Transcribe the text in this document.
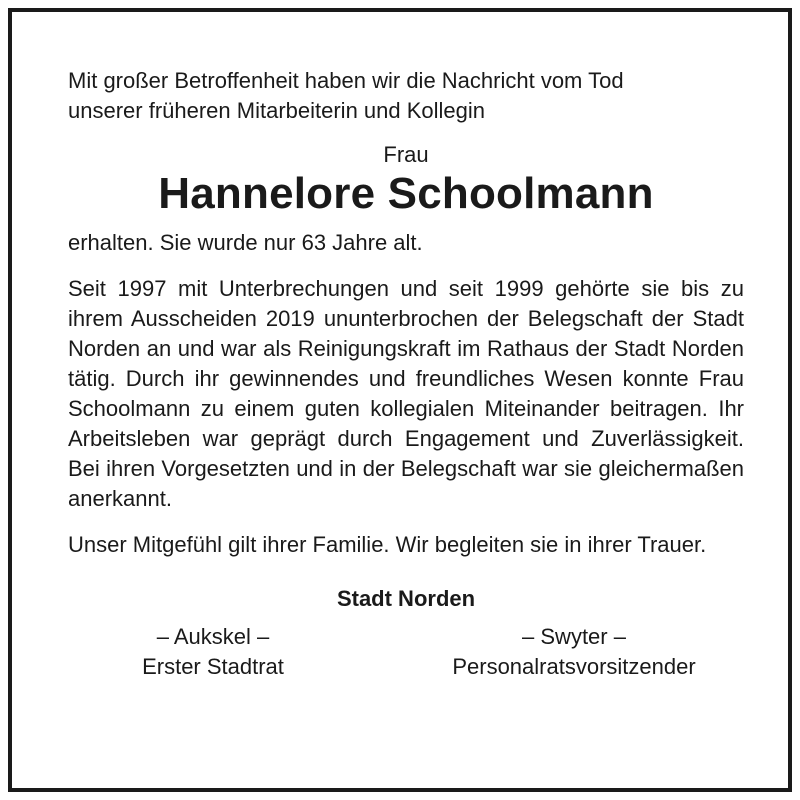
Mit großer Betroffenheit haben wir die Nachricht vom Tod
unserer früheren Mitarbeiterin und Kollegin

Frau

Hannelore Schoolmann

erhalten. Sie wurde nur 63 Jahre alt.

Seit 1997 mit Unterbrechungen und seit 1999 gehörte sie bis zu ihrem Ausscheiden 2019 ununterbrochen der Belegschaft der Stadt Norden an und war als Reinigungskraft im Rathaus der Stadt Norden tätig. Durch ihr gewinnendes und freundliches Wesen konnte Frau Schoolmann zu einem guten kollegialen Miteinander beitragen. Ihr Arbeitsleben war geprägt durch Engagement und Zuverlässigkeit. Bei ihren Vorgesetzten und in der Belegschaft war sie gleichermaßen anerkannt.

Unser Mitgefühl gilt ihrer Familie. Wir begleiten sie in ihrer Trauer.

Stadt Norden

– Aukskel –
Erster Stadtrat
– Swyter –
Personalratsvorsitzender
